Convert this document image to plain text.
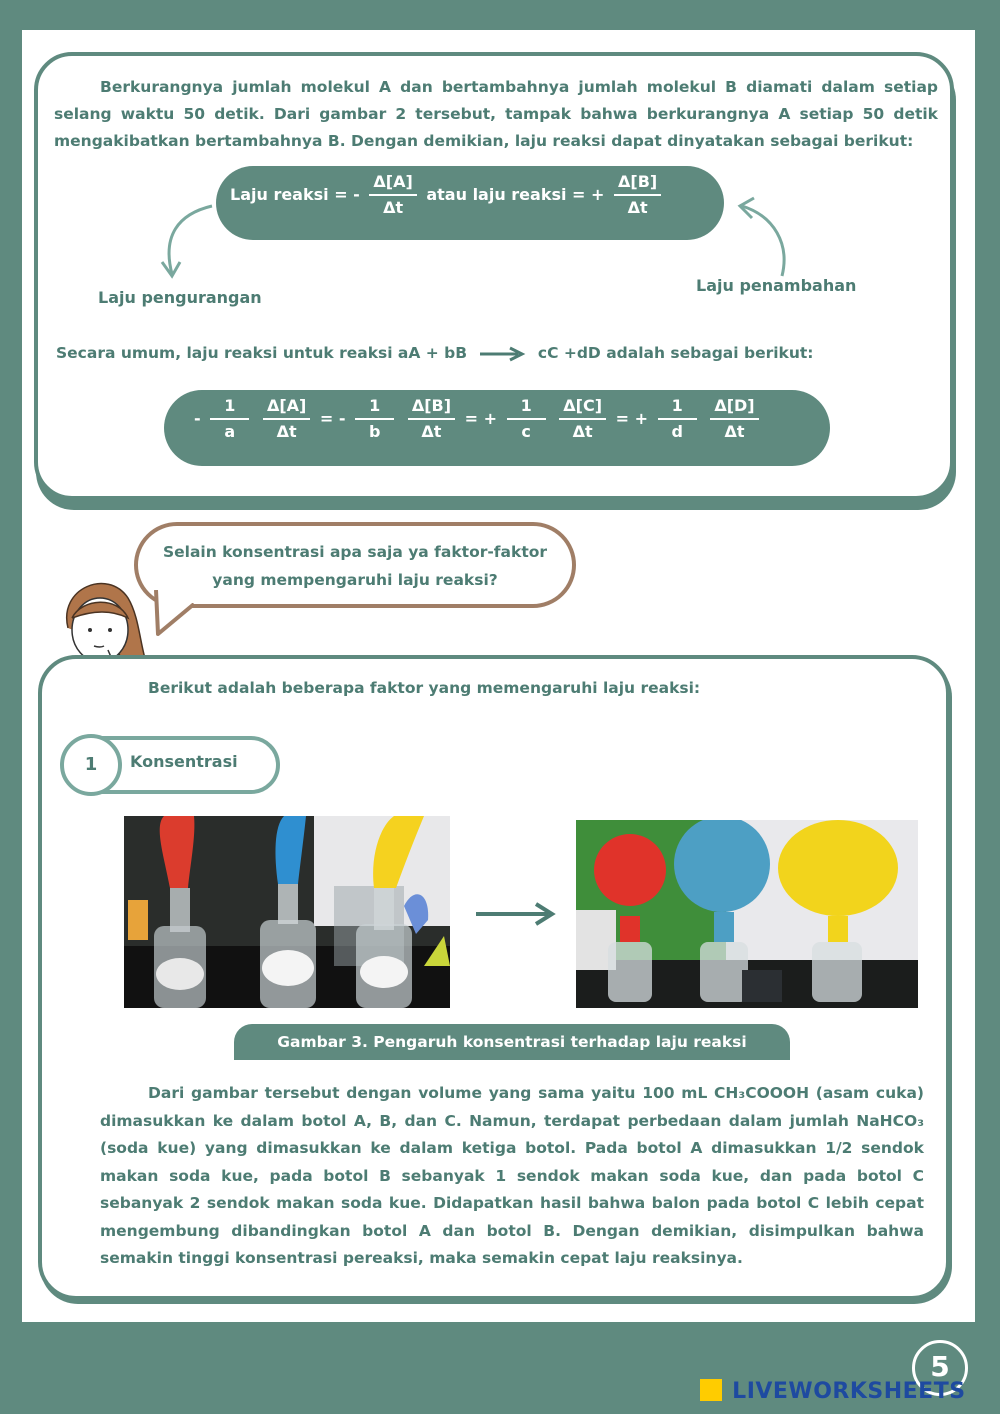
Berkurangnya jumlah molekul A dan bertambahnya jumlah molekul B diamati dalam setiap selang waktu 50 detik. Dari gambar 2 tersebut, tampak bahwa berkurangnya A setiap 50 detik mengakibatkan bertambahnya B. Dengan demikian, laju reaksi dapat dinyatakan sebagai berikut:
Laju reaksi = - $\frac{\Delta[A]}{\Delta t}$ atau laju reaksi = + $\frac{\Delta[B]}{\Delta t}$
Laju pengurangan
Laju penambahan
Secara umum, laju reaksi untuk reaksi aA + bB → cC +dD adalah sebagai berikut:
- $\frac{1}{a}$
$\frac{\Delta[A]}{\Delta t}$ = - $\frac{1}{b}$
$\frac{\Delta[B]}{\Delta t}$ = + $\frac{1}{c}$
$\frac{\Delta[C]}{\Delta t}$ = + $\frac{1}{d}$
$\frac{\Delta[D]}{\Delta t}$
Selain konsentrasi apa saja ya faktor-faktor
yang mempengaruhi laju reaksi?
Berikut adalah beberapa faktor yang memengaruhi laju reaksi:
Konsentrasi
1
Gambar 3. Pengaruh konsentrasi terhadap laju reaksi
Dari gambar tersebut dengan volume yang sama yaitu 100 mL CH₃COOOH (asam cuka) dimasukkan ke dalam botol A, B, dan C. Namun, terdapat perbedaan dalam jumlah NaHCO₃ (soda kue) yang dimasukkan ke dalam ketiga botol. Pada botol A dimasukkan 1/2 sendok makan soda kue, pada botol B sebanyak 1 sendok makan soda kue, dan pada botol C sebanyak 2 sendok makan soda kue. Didapatkan hasil bahwa balon pada botol C lebih cepat mengembung dibandingkan botol A dan botol B. Dengan demikian, disimpulkan bahwa semakin tinggi konsentrasi pereaksi, maka semakin cepat laju reaksinya.
5
LIVEWORKSHEETS
